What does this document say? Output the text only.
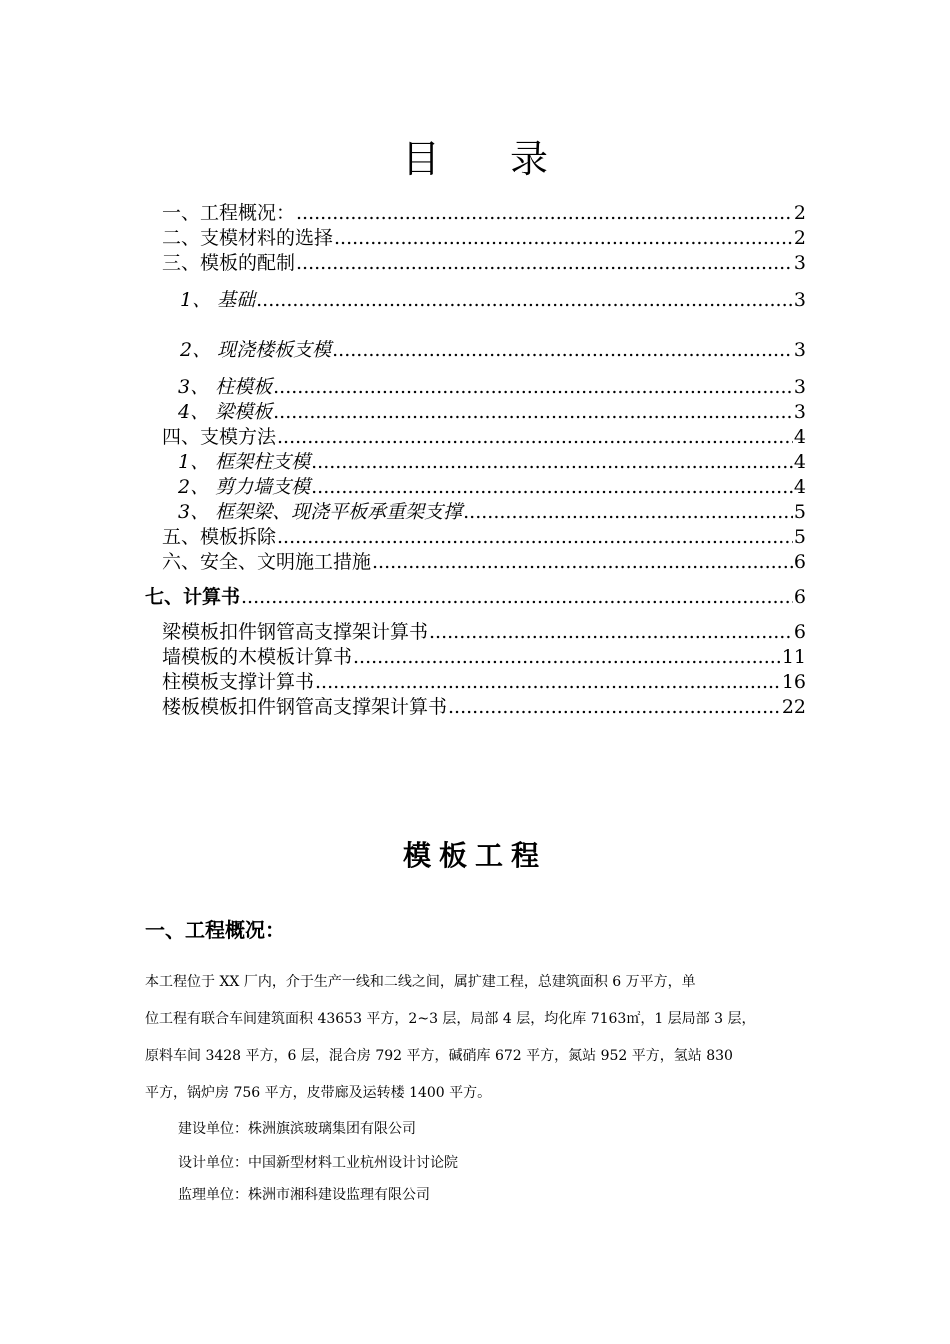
目 录
一、工程概况： .....	2
二、支模材料的选择 .....	2
三、模板的配制 .....	3
1、 基础 .....	3
2、 现浇楼板支模 .....	3
3、 柱模板 .....	3
4、 梁模板 .....	3
四、支模方法 .....	4
1、 框架柱支模 .....	4
2、 剪力墙支模 .....	4
3、 框架梁、现浇平板承重架支撑 .....	5
五、模板拆除 .....	5
六、安全、文明施工措施 .....	6
七、计算书 .....	6
梁模板扣件钢管高支撑架计算书 .....	6
墙模板的木模板计算书 .....	11
柱模板支撑计算书 .....	16
楼板模板扣件钢管高支撑架计算书 .....	22
模板工程
一、工程概况：
本工程位于 XX 厂内，介于生产一线和二线之间，属扩建工程，总建筑面积 6 万平方，单
位工程有联合车间建筑面积 43653 平方，2~3 层，局部 4 层，均化库 7163㎡，1 层局部 3 层，
原料车间 3428 平方，6 层，混合房 792 平方，碱硝库 672 平方，氮站 952 平方，氢站 830
平方，锅炉房 756 平方，皮带廊及运转楼 1400 平方。
建设单位：株洲旗滨玻璃集团有限公司
设计单位：中国新型材料工业杭州设计讨论院
监理单位：株洲市湘科建设监理有限公司
